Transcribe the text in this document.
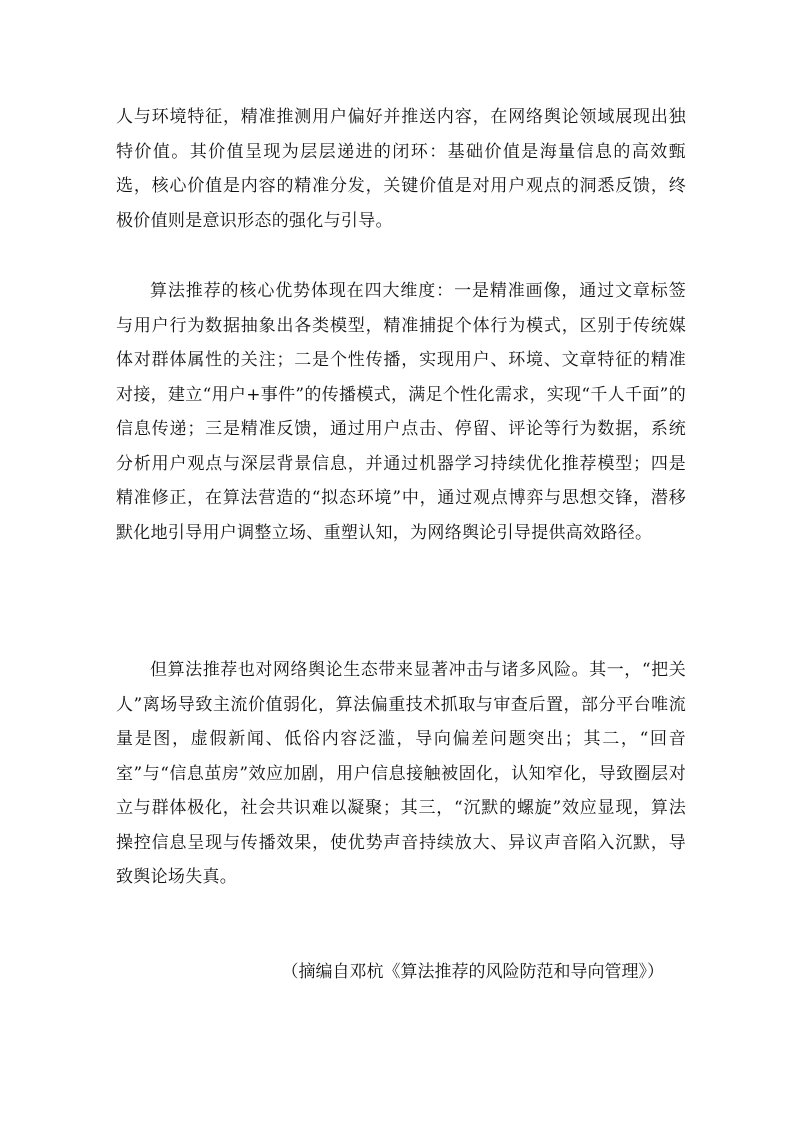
人与环境特征，精准推测用户偏好并推送内容，在网络舆论领域展现出独特价值。其价值呈现为层层递进的闭环：基础价值是海量信息的高效甄选，核心价值是内容的精准分发，关键价值是对用户观点的洞悉反馈，终极价值则是意识形态的强化与引导。

算法推荐的核心优势体现在四大维度：一是精准画像，通过文章标签与用户行为数据抽象出各类模型，精准捕捉个体行为模式，区别于传统媒体对群体属性的关注；二是个性传播，实现用户、环境、文章特征的精准对接，建立“用户+事件”的传播模式，满足个性化需求，实现“千人千面”的信息传递；三是精准反馈，通过用户点击、停留、评论等行为数据，系统分析用户观点与深层背景信息，并通过机器学习持续优化推荐模型；四是精准修正，在算法营造的“拟态环境”中，通过观点博弈与思想交锋，潜移默化地引导用户调整立场、重塑认知，为网络舆论引导提供高效路径。

但算法推荐也对网络舆论生态带来显著冲击与诸多风险。其一，“把关人”离场导致主流价值弱化，算法偏重技术抓取与审查后置，部分平台唯流量是图，虚假新闻、低俗内容泛滥，导向偏差问题突出；其二，“回音室”与“信息茧房”效应加剧，用户信息接触被固化，认知窄化，导致圈层对立与群体极化，社会共识难以凝聚；其三，“沉默的螺旋”效应显现，算法操控信息呈现与传播效果，使优势声音持续放大、异议声音陷入沉默，导致舆论场失真。

（摘编自邓杭《算法推荐的风险防范和导向管理》）
